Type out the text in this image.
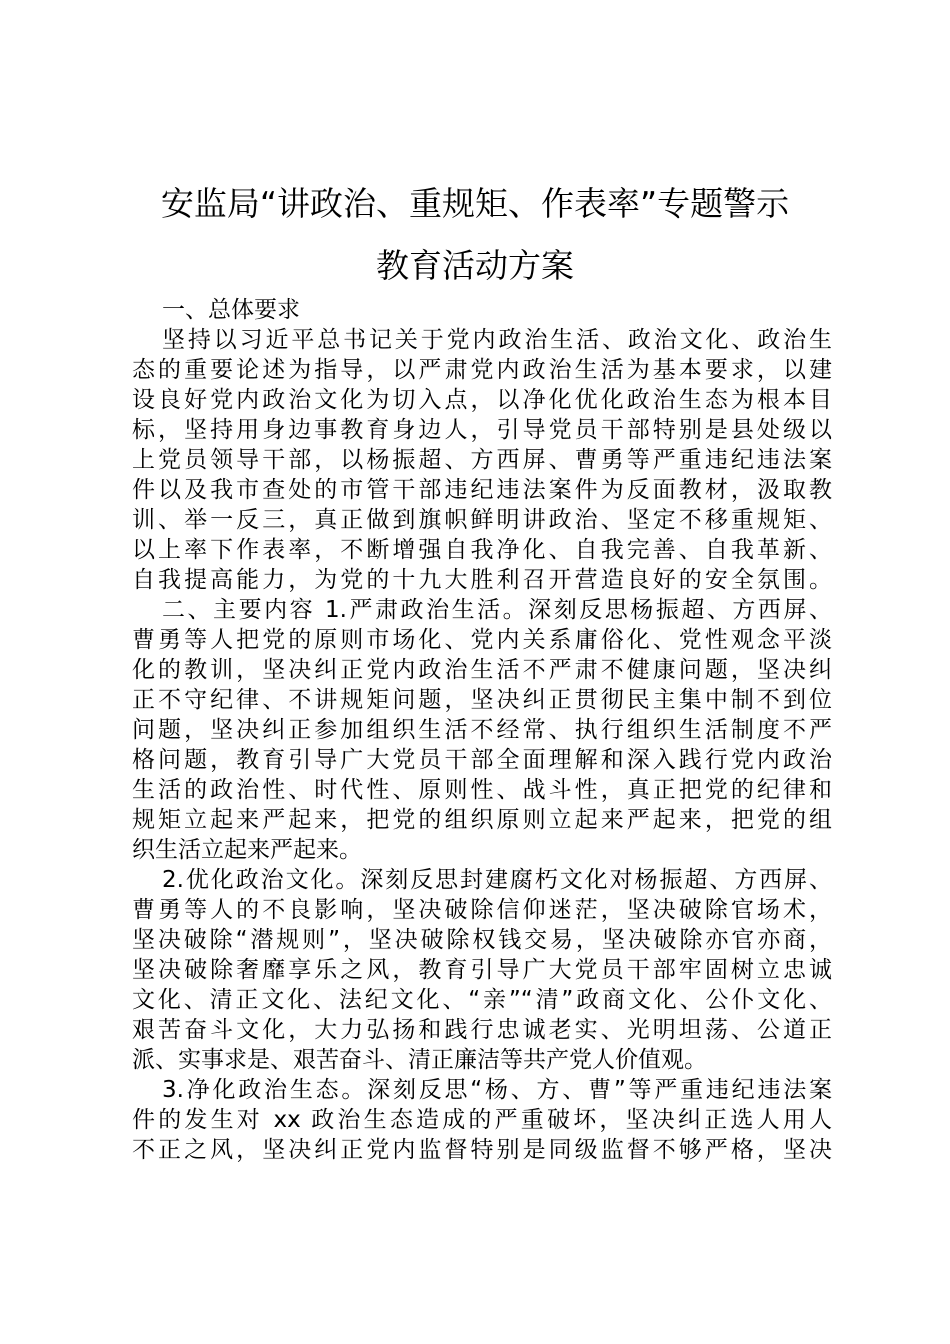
安监局“讲政治、重规矩、作表率”专题警示
教育活动方案
一、总体要求
坚持以习近平总书记关于党内政治生活、政治文化、政治生
态的重要论述为指导，以严肃党内政治生活为基本要求，以建
设良好党内政治文化为切入点，以净化优化政治生态为根本目
标，坚持用身边事教育身边人，引导党员干部特别是县处级以
上党员领导干部，以杨振超、方西屏、曹勇等严重违纪违法案
件以及我市查处的市管干部违纪违法案件为反面教材，汲取教
训、举一反三，真正做到旗帜鲜明讲政治、坚定不移重规矩、
以上率下作表率，不断增强自我净化、自我完善、自我革新、
自我提高能力，为党的十九大胜利召开营造良好的安全氛围。
二、主要内容 1.严肃政治生活。深刻反思杨振超、方西屏、
曹勇等人把党的原则市场化、党内关系庸俗化、党性观念平淡
化的教训，坚决纠正党内政治生活不严肃不健康问题，坚决纠
正不守纪律、不讲规矩问题，坚决纠正贯彻民主集中制不到位
问题，坚决纠正参加组织生活不经常、执行组织生活制度不严
格问题，教育引导广大党员干部全面理解和深入践行党内政治
生活的政治性、时代性、原则性、战斗性，真正把党的纪律和
规矩立起来严起来，把党的组织原则立起来严起来，把党的组
织生活立起来严起来。
2.优化政治文化。深刻反思封建腐朽文化对杨振超、方西屏、
曹勇等人的不良影响，坚决破除信仰迷茫，坚决破除官场术，
坚决破除“潜规则”，坚决破除权钱交易，坚决破除亦官亦商，
坚决破除奢靡享乐之风，教育引导广大党员干部牢固树立忠诚
文化、清正文化、法纪文化、“亲”“清”政商文化、公仆文化、
艰苦奋斗文化，大力弘扬和践行忠诚老实、光明坦荡、公道正
派、实事求是、艰苦奋斗、清正廉洁等共产党人价值观。
3.净化政治生态。深刻反思“杨、方、曹”等严重违纪违法案
件的发生对 xx 政治生态造成的严重破坏，坚决纠正选人用人
不正之风，坚决纠正党内监督特别是同级监督不够严格，坚决
